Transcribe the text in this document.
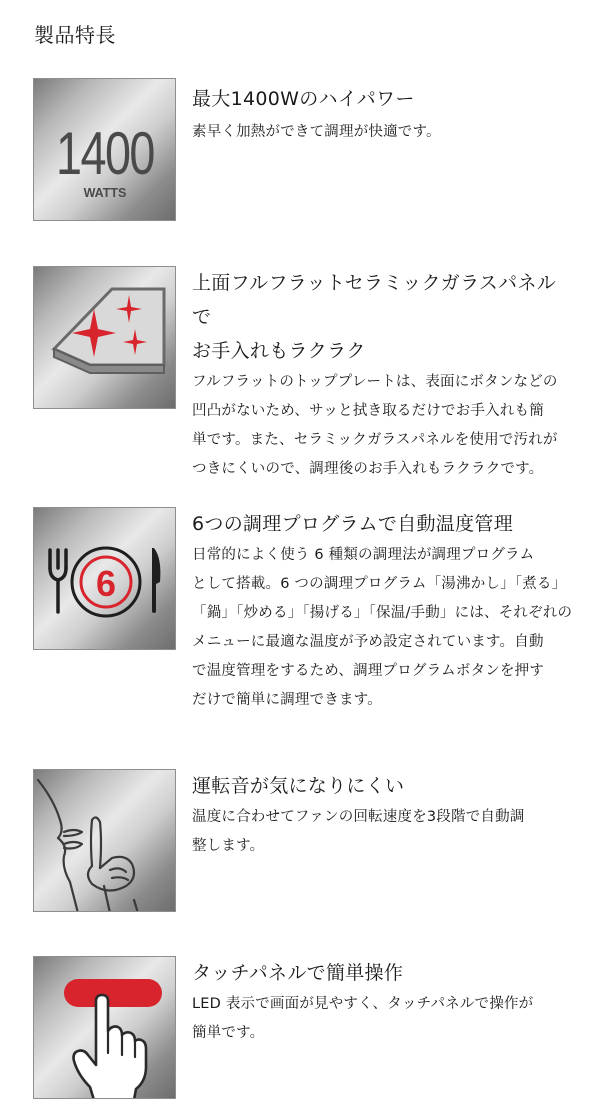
製品特長
1400
WATTS

最大1400Wのハイパワー

素早く加熱ができて調理が快適です。

上面フルフラットセラミックガラスパネルで

お手入れもラクラク

フルフラットのトッププレートは、表面にボタンなどの

凹凸がないため、サッと拭き取るだけでお手入れも簡

単です。また、セラミックガラスパネルを使用で汚れが

つきにくいので、調理後のお手入れもラクラクです。

6

6つの調理プログラムで自動温度管理

日常的によく使う 6 種類の調理法が調理プログラム

として搭載。6 つの調理プログラム「湯沸かし」「煮る」

「鍋」「炒める」「揚げる」「保温/手動」には、それぞれの

メニューに最適な温度が予め設定されています。自動

で温度管理をするため、調理プログラムボタンを押す

だけで簡単に調理できます。

運転音が気になりにくい

温度に合わせてファンの回転速度を3段階で自動調

整します。

タッチパネルで簡単操作

LED 表示で画面が見やすく、タッチパネルで操作が

簡単です。
